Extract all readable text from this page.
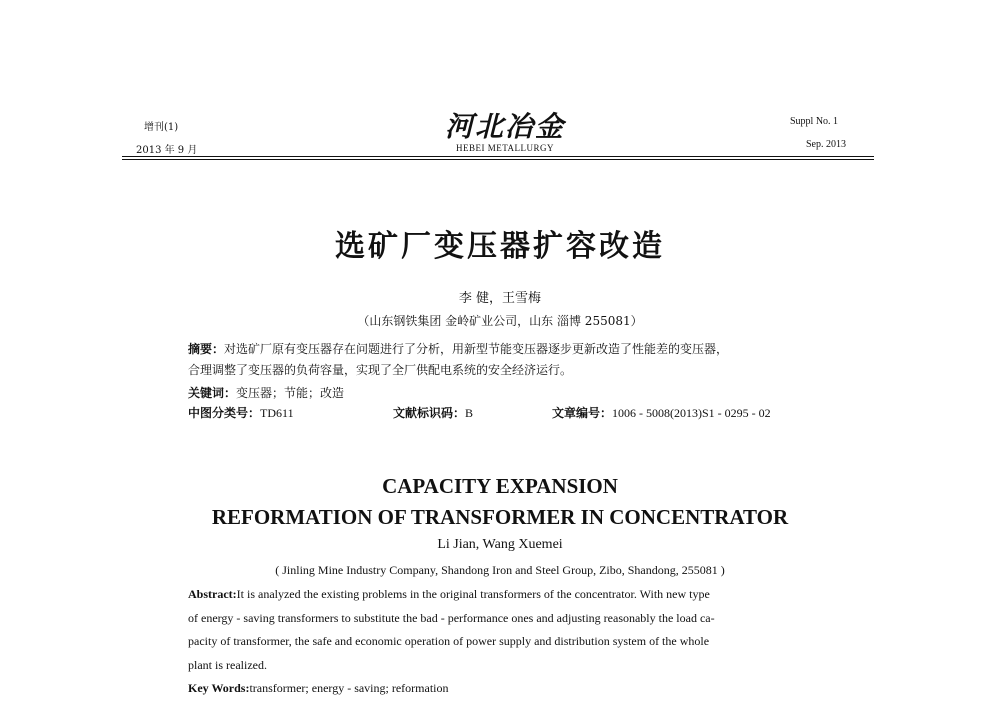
增刊(1)
2013 年 9 月
河北冶金
HEBEI METALLURGY
Suppl No. 1
Sep. 2013
选矿厂变压器扩容改造
李 健，王雪梅
（山东钢铁集团 金岭矿业公司，山东 淄博 255081）
摘要：对选矿厂原有变压器存在问题进行了分析，用新型节能变压器逐步更新改造了性能差的变压器，
合理调整了变压器的负荷容量，实现了全厂供配电系统的安全经济运行。
关键词：变压器；节能；改造
中图分类号：TD611	文献标识码：B	文章编号：1006 - 5008(2013)S1 - 0295 - 02
CAPACITY EXPANSION
REFORMATION OF TRANSFORMER IN CONCENTRATOR
Li Jian, Wang Xuemei
( Jinling Mine Industry Company, Shandong Iron and Steel Group, Zibo, Shandong, 255081 )
Abstract:It is analyzed the existing problems in the original transformers of the concentrator. With new type
of energy - saving transformers to substitute the bad - performance ones and adjusting reasonably the load ca-
pacity of transformer, the safe and economic operation of power supply and distribution system of the whole
plant is realized.
Key Words:transformer; energy - saving; reformation
